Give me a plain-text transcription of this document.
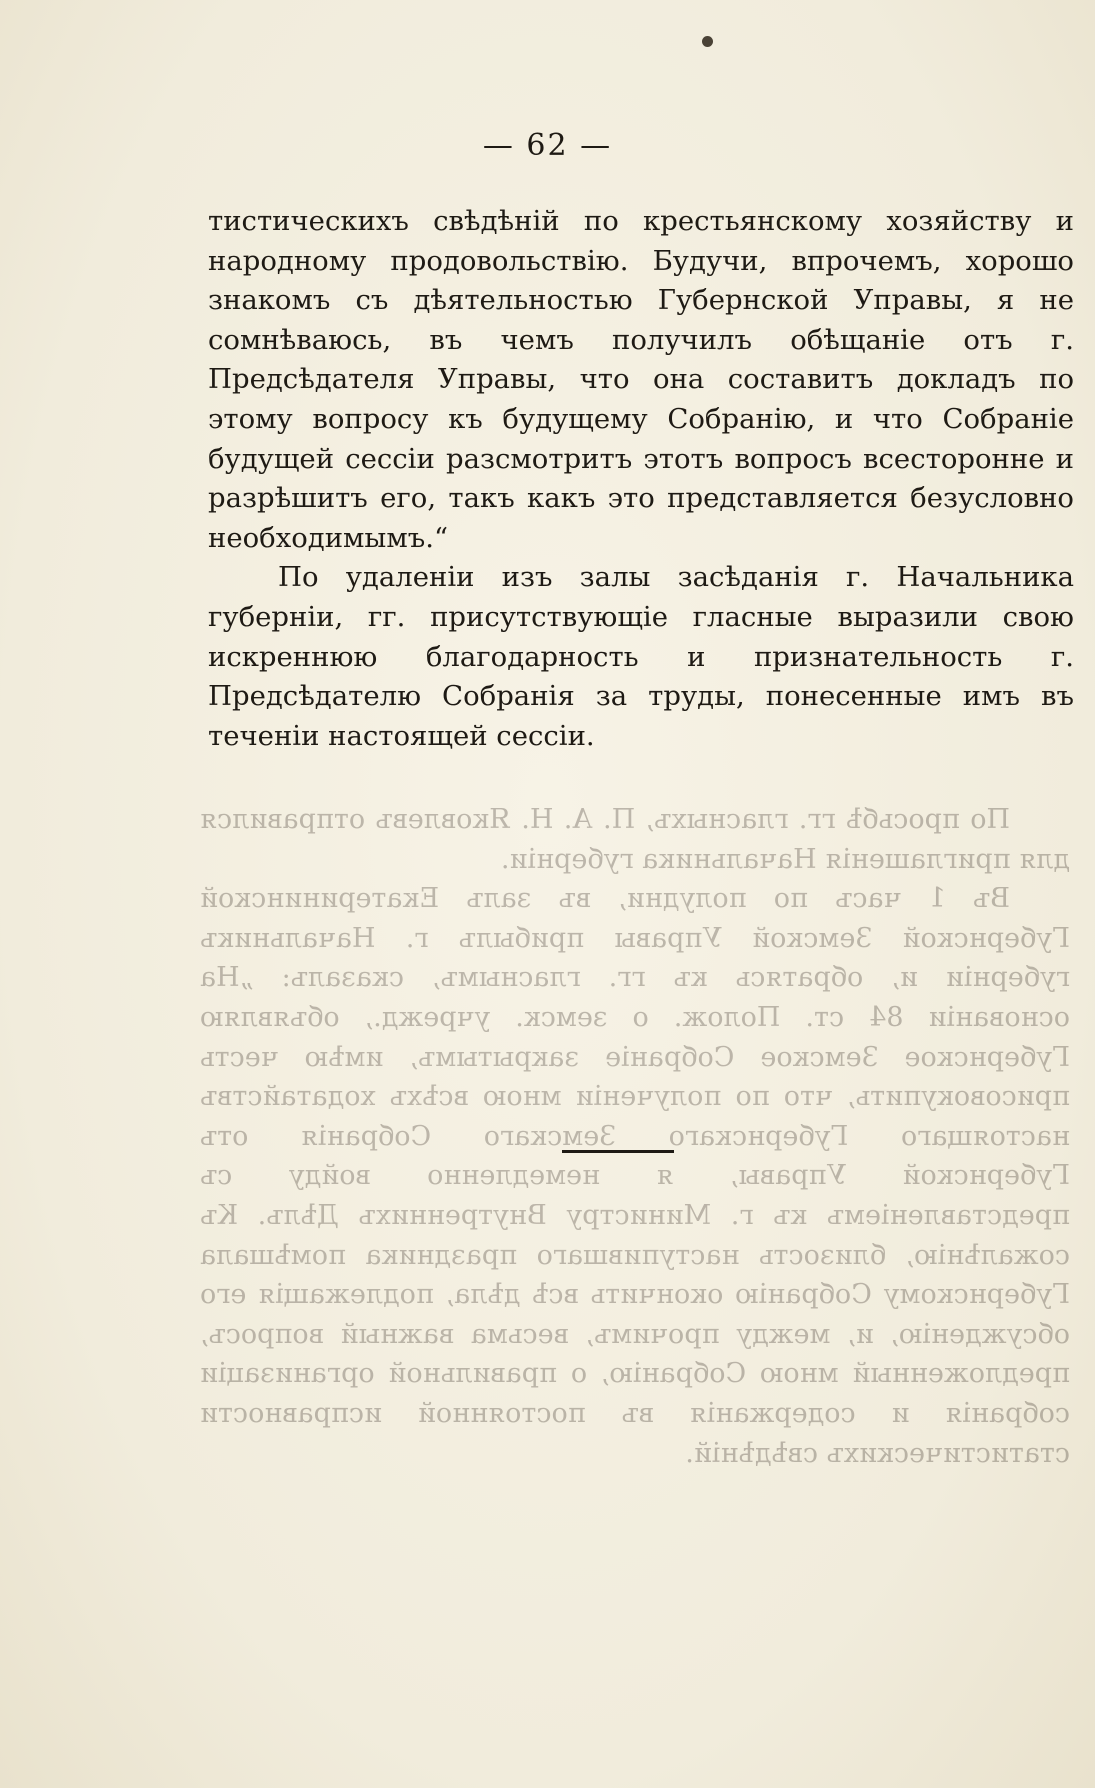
— 62 —

тистическихъ свѣдѣній по крестьянскому хозяйству и народному продовольствію. Будучи, впрочемъ, хорошо знакомъ съ дѣятельностью Губернской Управы, я не сомнѣваюсь, въ чемъ получилъ обѣщаніе отъ г. Предсѣдателя Управы, что она составитъ докладъ по этому вопросу къ будущему Собранію, и что Собраніе будущей сессіи разсмотритъ этотъ вопросъ всесторонне и разрѣшитъ его, такъ какъ это представляется безусловно необходимымъ.“

По удаленіи изъ залы засѣданія г. Начальника губерніи, гг. присутствующіе гласные выразили свою искреннюю благодарность и признательность г. Предсѣдателю Собранія за труды, понесенные имъ въ теченіи настоящей сессіи.

По просьбѣ гг. гласныхъ, П. А. Н. Яковлевъ отправился для приглашенія Начальника губерніи.

Въ 1 часъ по полудни, въ залъ Екатерининской Губернской Земской Управы прибылъ г. Начальникъ губерніи и, обратясь къ гг. гласнымъ, сказалъ: „На основаніи 84 ст. Полож. о земск. учрежд., объявляю Губернское Земское Собраніе закрытымъ, имѣю честь присовокупить, что по полученіи мною всѣхъ ходатайствъ настоящаго Губернскаго Земскаго Собранія отъ Губернской Управы, я немедленно войду съ представленіемъ къ г. Министру Внутреннихъ Дѣлъ. Къ сожалѣнію, близость наступившаго праздника помѣшала Губернскому Собранію окончить всѣ дѣла, подлежащія его обсужденію, и, между прочимъ, весьма важный вопросъ, предложенный мною Собранію, о правильной организаціи собранія и содержанія въ постоянной исправности статистическихъ свѣдѣній.
